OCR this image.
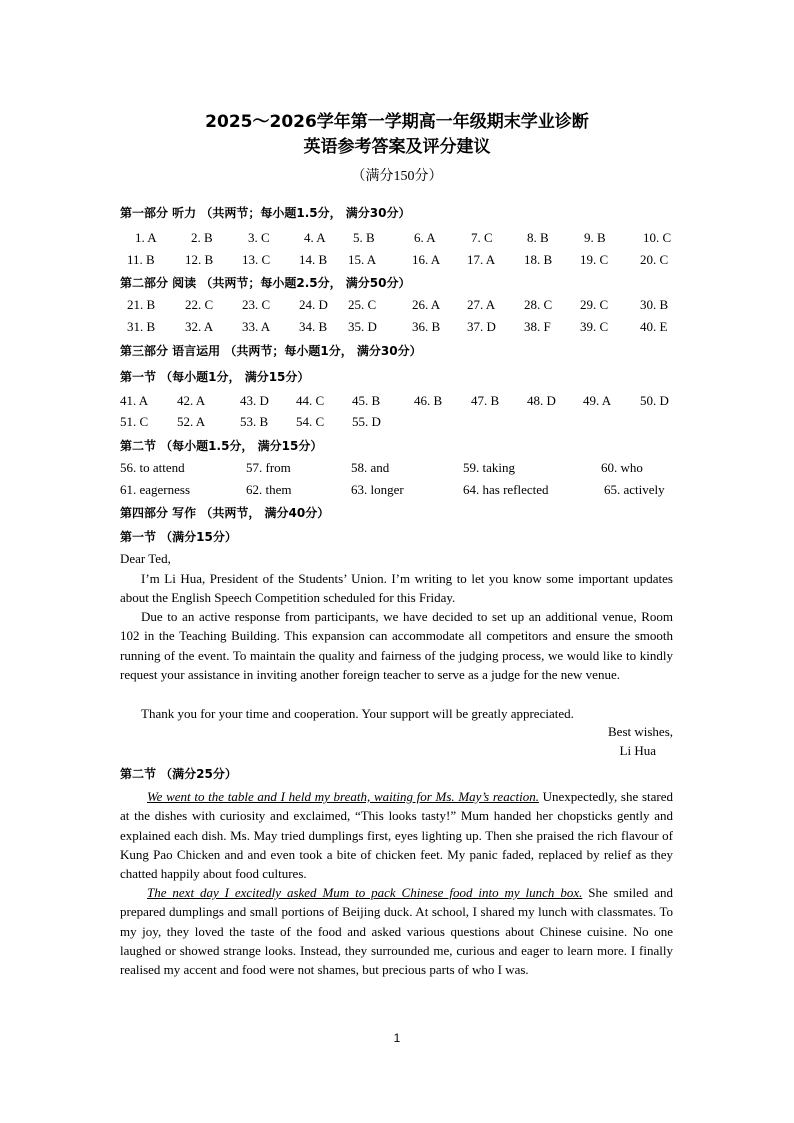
2025～2026学年第一学期高一年级期末学业诊断
英语参考答案及评分建议
（满分150分）
第一部分 听力 （共两节；每小题1.5分， 满分30分）
1. A	2. B	3. C	4. A 5. B	6. A	7. C	8. B	9. B	10. C
11. B 12. B 13. C 14. B 15. A	16. A 17. A 18. B 19. C 20. C
第二部分 阅读 （共两节；每小题2.5分， 满分50分）
21. B 22. C 23. C 24. D 25. C	26. A 27. A 28. C 29. C 30. B
31. B 32. A 33. A 34. B 35. D	36. B 37. D 38. F 39. C 40. E
第三部分 语言运用 （共两节；每小题1分， 满分30分）
第一节 （每小题1分， 满分15分）
41. A 42. A	43. D 44. C 45. B	46. B 47. B 48. D 49. A 50. D
51. C 52. A	53. B 54. C 55. D
第二节 （每小题1.5分， 满分15分）
56. to attend	57. from	58. and	59. taking	60. who
61. eagerness	62. them	63. longer	64. has reflected	65. actively
第四部分 写作 （共两节， 满分40分）
第一节 （满分15分）
Dear Ted,
I’m Li Hua, President of the Students’ Union. I’m writing to let you know some important updates about the English Speech Competition scheduled for this Friday.
Due to an active response from participants, we have decided to set up an additional venue, Room 102 in the Teaching Building. This expansion can accommodate all competitors and ensure the smooth running of the event. To maintain the quality and fairness of the judging process, we would like to kindly request your assistance in inviting another foreign teacher to serve as a judge for the new venue.
Thank you for your time and cooperation. Your support will be greatly appreciated.
Best wishes,
Li Hua
第二节 （满分25分）
We went to the table and I held my breath, waiting for Ms. May’s reaction. Unexpectedly, she stared at the dishes with curiosity and exclaimed, “This looks tasty!” Mum handed her chopsticks gently and explained each dish. Ms. May tried dumplings first, eyes lighting up. Then she praised the rich flavour of Kung Pao Chicken and and even took a bite of chicken feet. My panic faded, replaced by relief as they chatted happily about food cultures.
The next day I excitedly asked Mum to pack Chinese food into my lunch box. She smiled and prepared dumplings and small portions of Beijing duck. At school, I shared my lunch with classmates. To my joy, they loved the taste of the food and asked various questions about Chinese cuisine. No one laughed or showed strange looks. Instead, they surrounded me, curious and eager to learn more. I finally realised my accent and food were not shames, but precious parts of who I was.
1
